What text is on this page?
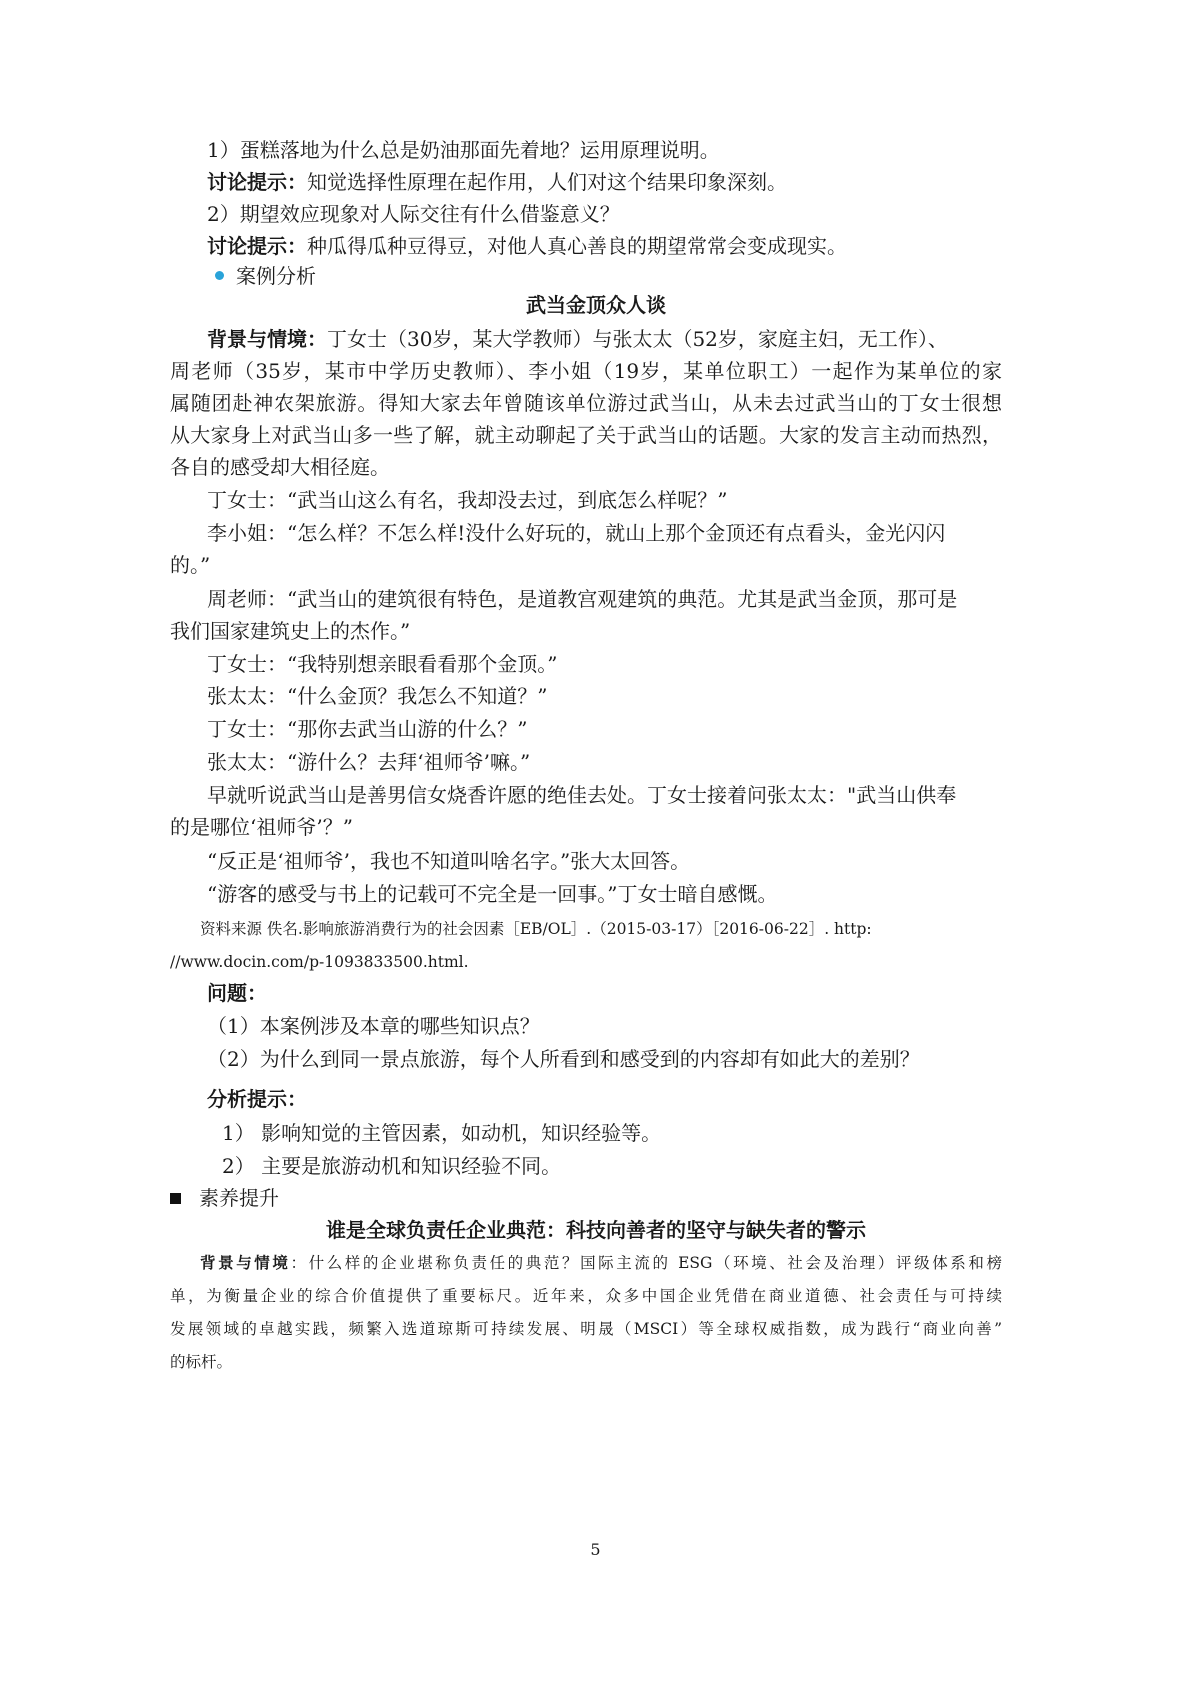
1）蛋糕落地为什么总是奶油那面先着地？运用原理说明。

讨论提示：知觉选择性原理在起作用，人们对这个结果印象深刻。

2）期望效应现象对人际交往有什么借鉴意义？

讨论提示：种瓜得瓜种豆得豆，对他人真心善良的期望常常会变成现实。

案例分析

武当金顶众人谈

背景与情境：丁女士（30岁，某大学教师）与张太太（52岁，家庭主妇，无工作）、

周老师（35岁，某市中学历史教师）、李小姐（19岁，某单位职工）一起作为某单位的家

属随团赴神农架旅游。得知大家去年曾随该单位游过武当山，从未去过武当山的丁女士很想

从大家身上对武当山多一些了解，就主动聊起了关于武当山的话题。大家的发言主动而热烈，

各自的感受却大相径庭。

丁女士：“武当山这么有名，我却没去过，到底怎么样呢？”

李小姐：“怎么样？不怎么样!没什么好玩的，就山上那个金顶还有点看头，金光闪闪

的。”

周老师：“武当山的建筑很有特色，是道教宫观建筑的典范。尤其是武当金顶，那可是

我们国家建筑史上的杰作。”

丁女士：“我特别想亲眼看看那个金顶。”

张太太：“什么金顶？我怎么不知道？”

丁女士：“那你去武当山游的什么？”

张太太：“游什么？去拜‘祖师爷’嘛。”

早就听说武当山是善男信女烧香许愿的绝佳去处。丁女士接着问张太太："武当山供奉

的是哪位‘祖师爷’？”

“反正是‘祖师爷’，我也不知道叫啥名字。”张大太回答。

“游客的感受与书上的记载可不完全是一回事。”丁女士暗自感慨。

资料来源 佚名.影响旅游消费行为的社会因素［EB/OL］.（2015-03-17）［2016-06-22］. http:

//www.docin.com/p-1093833500.html.

问题：

（1）本案例涉及本章的哪些知识点？

（2）为什么到同一景点旅游，每个人所看到和感受到的内容却有如此大的差别？

分析提示：

1） 影响知觉的主管因素，如动机，知识经验等。

2） 主要是旅游动机和知识经验不同。

素养提升

谁是全球负责任企业典范：科技向善者的坚守与缺失者的警示

背景与情境：什么样的企业堪称负责任的典范？国际主流的 ESG（环境、社会及治理）评级体系和榜

单，为衡量企业的综合价值提供了重要标尺。近年来，众多中国企业凭借在商业道德、社会责任与可持续

发展领域的卓越实践，频繁入选道琼斯可持续发展、明晟（MSCI）等全球权威指数，成为践行“商业向善”

的标杆。

5
